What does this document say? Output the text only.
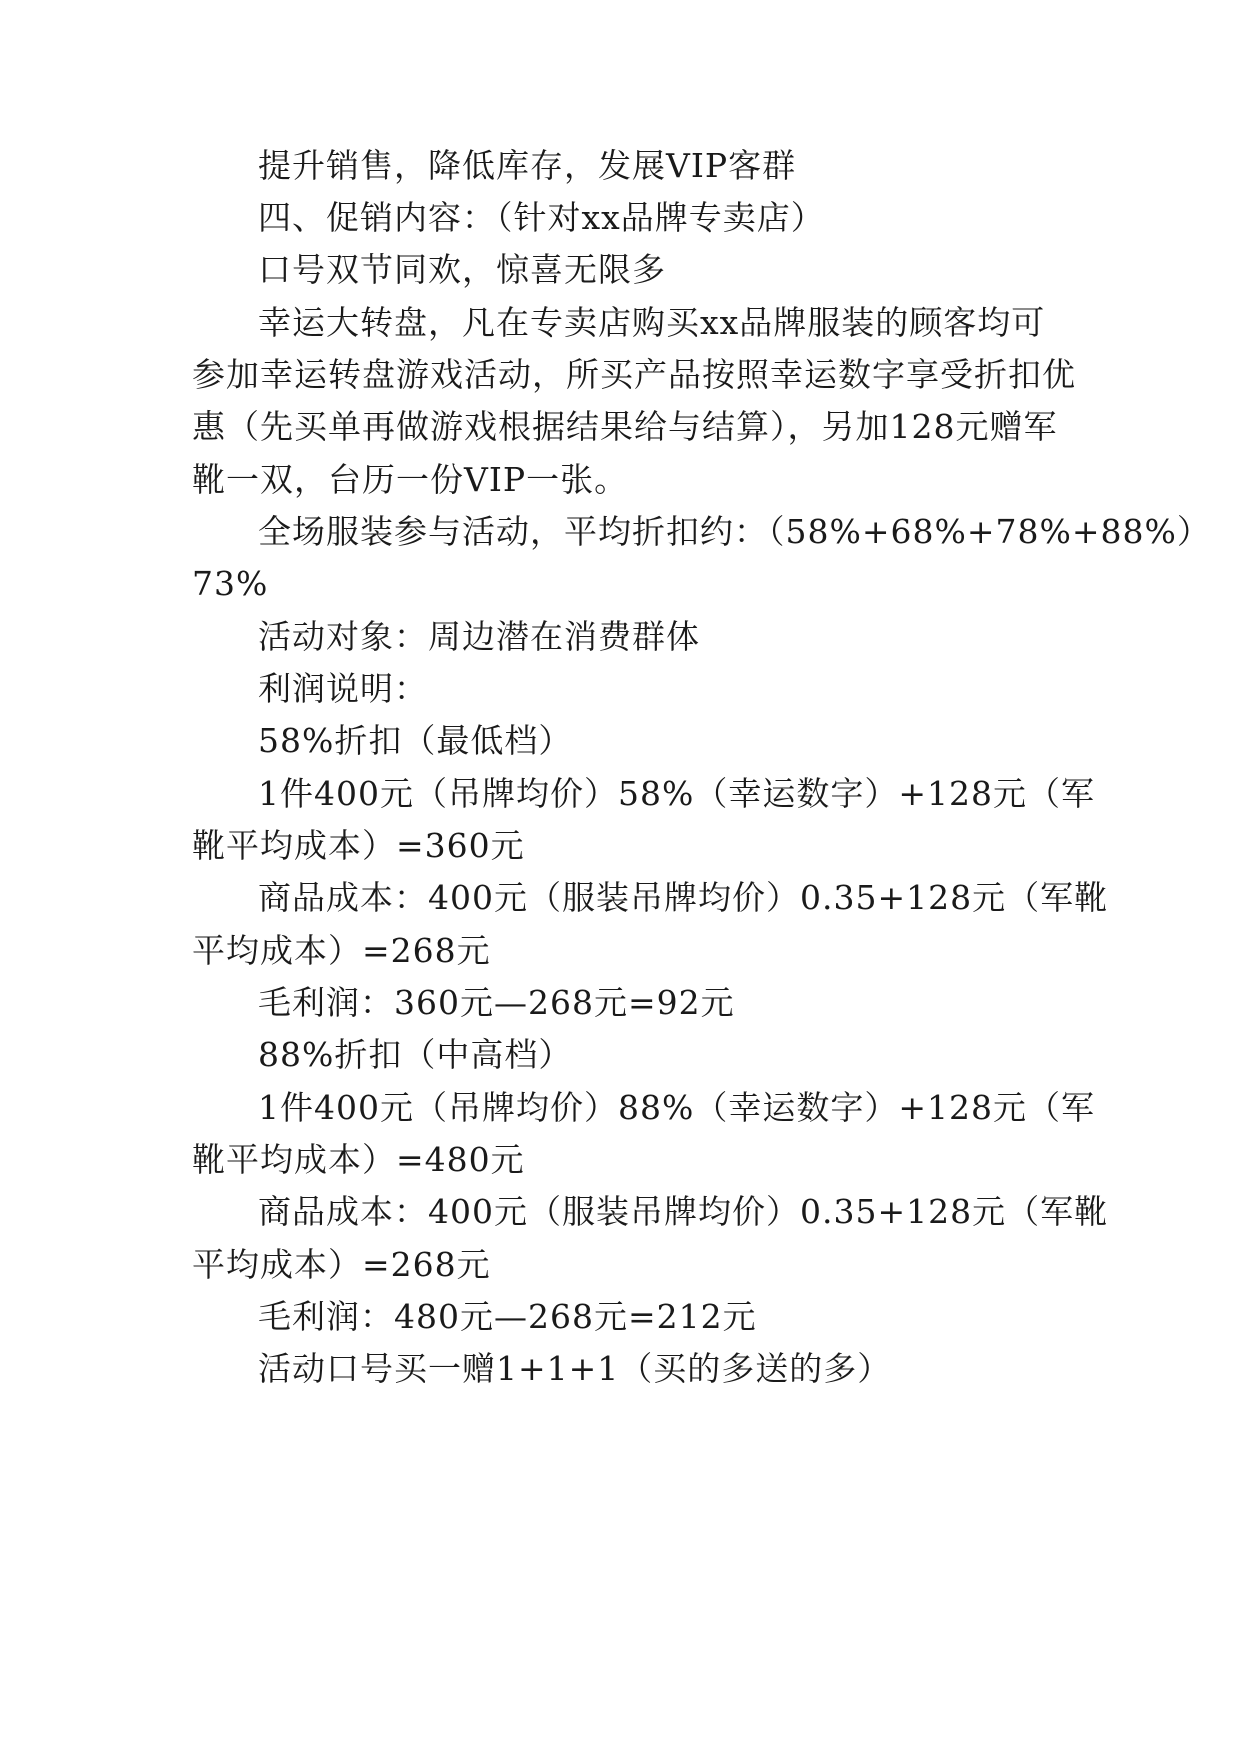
提升销售，降低库存，发展VIP客群
四、促销内容：（针对xx品牌专卖店）
口号双节同欢，惊喜无限多
幸运大转盘，凡在专卖店购买xx品牌服装的顾客均可
参加幸运转盘游戏活动，所买产品按照幸运数字享受折扣优
惠（先买单再做游戏根据结果给与结算），另加128元赠军
靴一双，台历一份VIP一张。
全场服装参与活动，平均折扣约：（58%+68%+78%+88%）
73%
活动对象：周边潜在消费群体
利润说明：
58%折扣（最低档）
1件400元（吊牌均价）58%（幸运数字）+128元（军
靴平均成本）=360元
商品成本：400元（服装吊牌均价）0.35+128元（军靴
平均成本）=268元
毛利润：360元—268元=92元
88%折扣（中高档）
1件400元（吊牌均价）88%（幸运数字）+128元（军
靴平均成本）=480元
商品成本：400元（服装吊牌均价）0.35+128元（军靴
平均成本）=268元
毛利润：480元—268元=212元
活动口号买一赠1+1+1（买的多送的多）
